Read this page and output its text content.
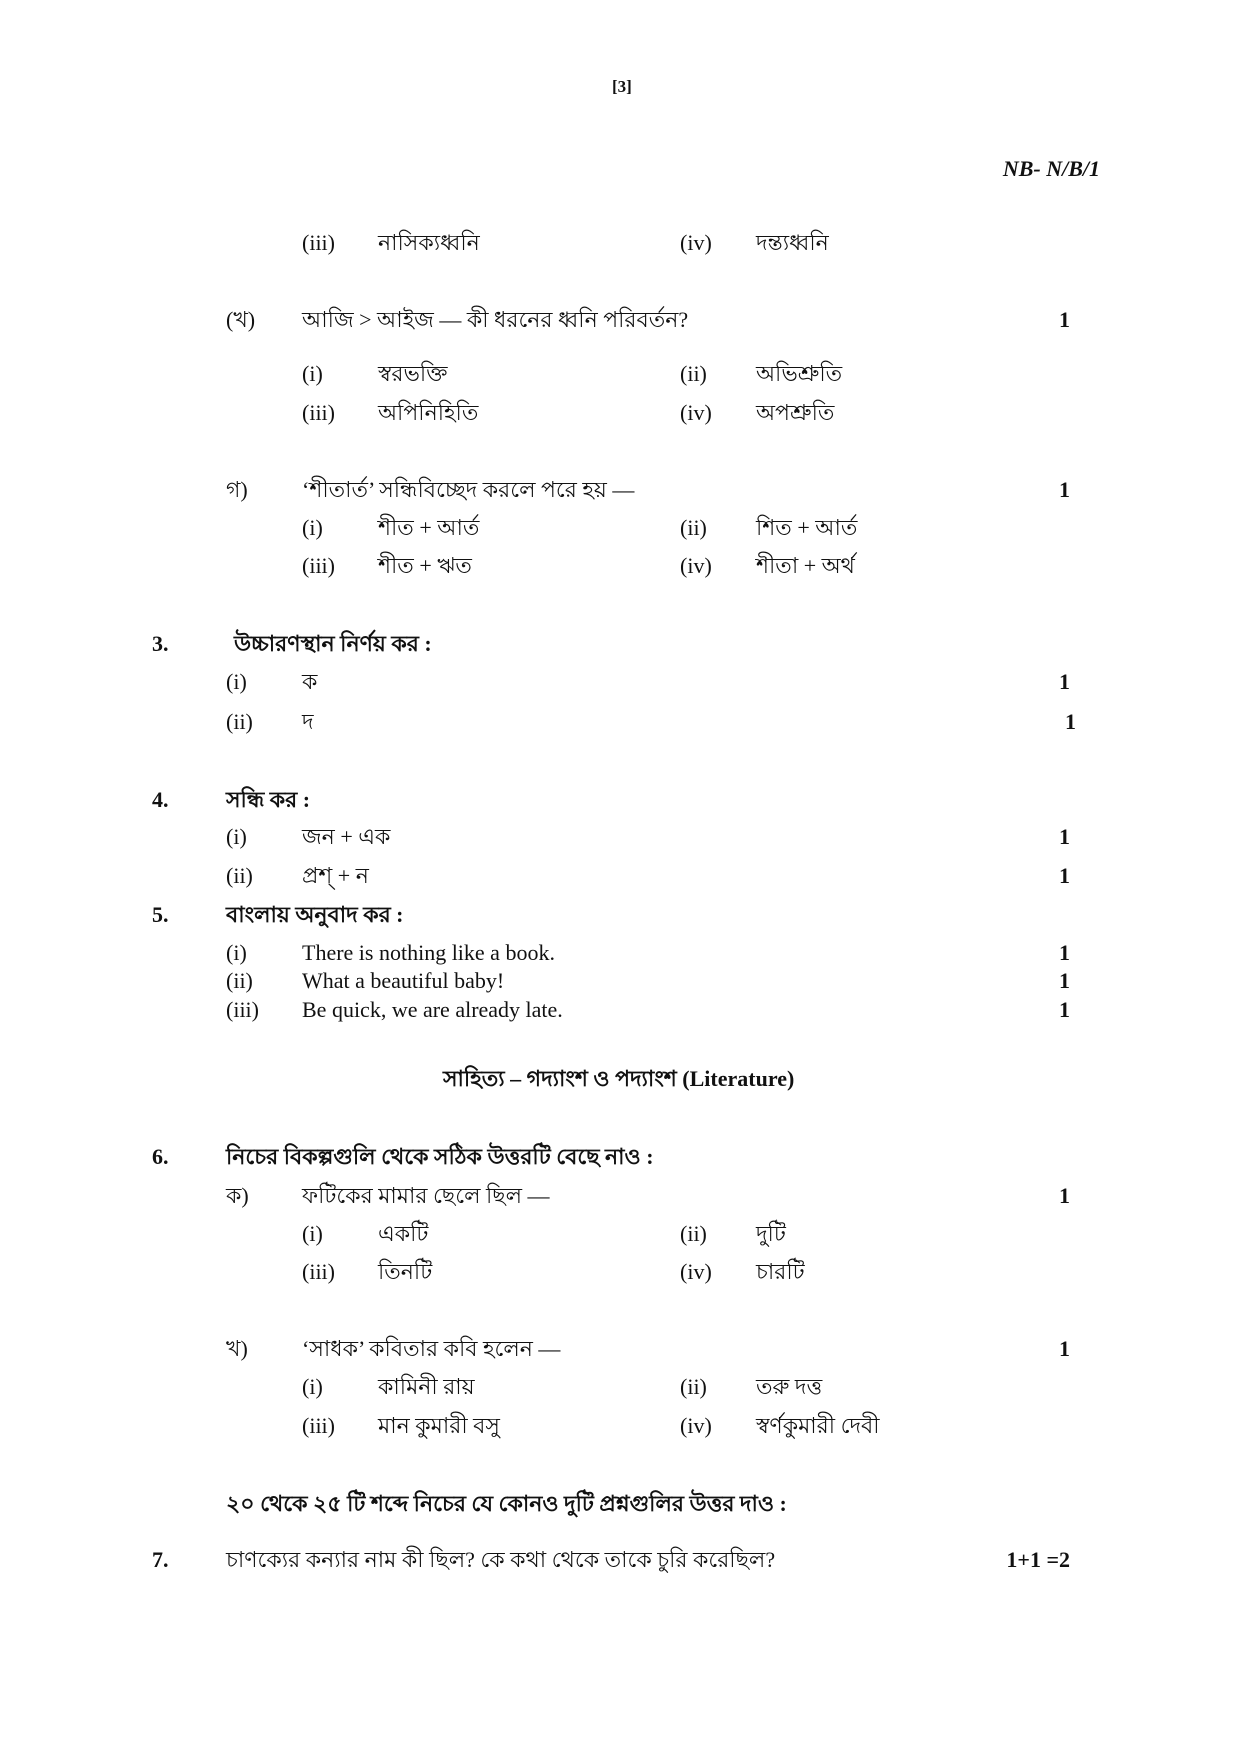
[3]
NB- N/B/1
(iii) নাসিক্যধ্বনি	(iv) দন্ত্যধ্বনি
(খ) আজি > আইজ — কী ধরনের ধ্বনি পরিবর্তন?	1
(i)	স্বরভক্তি	(ii) অভিশ্রুতি
(iii) অপিনিহিতি	(iv) অপশ্রুতি
গ) ‘শীতার্ত’ সন্ধিবিচ্ছেদ করলে পরে হয় —	1
(i)	শীত + আর্ত	(ii) শিত + আর্ত
(iii) শীত + ঋত	(iv) শীতা + অর্থ
3.	উচ্চারণস্থান নির্ণয় কর :
(i)	ক	1
(ii) দ	1
4.	সন্ধি কর :
(i)	জন + এক	1
(ii) প্রশ্‌ + ন	1
5.	বাংলায় অনুবাদ কর :
(i)	There is nothing like a book.	1
(ii) What a beautiful baby!	1
(iii) Be quick, we are already late.	1
সাহিত্য – গদ্যাংশ ও পদ্যাংশ (Literature)
6.	নিচের বিকল্পগুলি থেকে সঠিক উত্তরটি বেছে নাও :
ক) ফটিকের মামার ছেলে ছিল —	1
(i)	একটি	(ii) দুটি
(iii) তিনটি	(iv) চারটি
খ) ‘সাধক’ কবিতার কবি হলেন —	1
(i)	কামিনী রায়	(ii) তরু দত্ত
(iii) মান কুমারী বসু	(iv) স্বর্ণকুমারী দেবী
২০ থেকে ২৫ টি শব্দে নিচের যে কোনও দুটি প্রশ্নগুলির উত্তর দাও :
7.	চাণক্যের কন্যার নাম কী ছিল? কে কথা থেকে তাকে চুরি করেছিল?	1+1 =2
